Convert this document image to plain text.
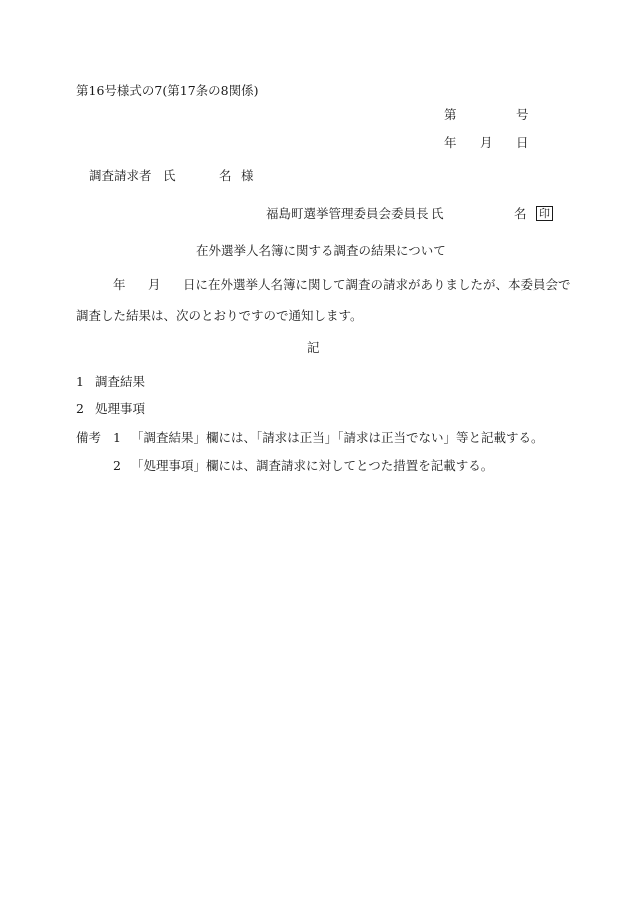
第16号様式の7(第17条の8関係)
第	号
年 月 日
調査請求者 氏	名 様
福島町選挙管理委員会委員長 氏	名 印
在外選挙人名簿に関する調査の結果について
年 月 日に在外選挙人名簿に関して調査の請求がありましたが、本委員会で
調査した結果は、次のとおりですので通知します。
記
1 調査結果
2 処理事項
備考 1 「調査結果」欄には、「請求は正当」「請求は正当でない」等と記載する。
2 「処理事項」欄には、調査請求に対してとつた措置を記載する。
